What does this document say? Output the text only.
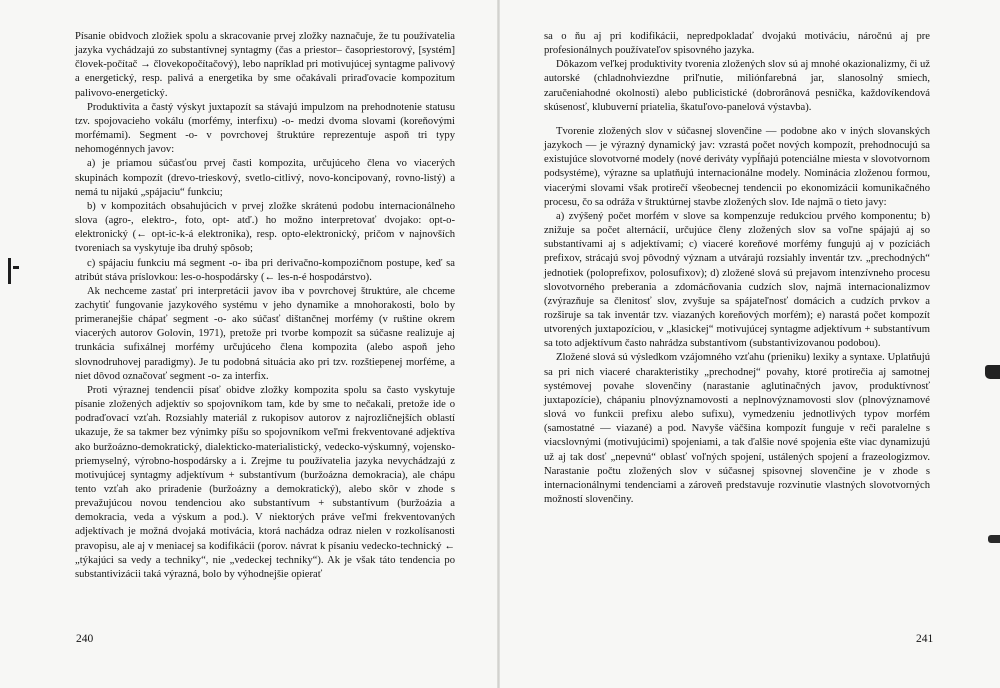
Písanie obidvoch zložiek spolu a skracovanie prvej zložky naznačuje, že tu používatelia jazyka vychádzajú zo substantívnej syntagmy (čas a priestor– časopriestorový, [systém] človek-počítač → človekopočítačový), lebo napríklad pri motivujúcej syntagme palivový a energetický, resp. palivá a energetika by sme očakávali priraďovacie kompozitum palivovo-energetický.

Produktivita a častý výskyt juxtapozít sa stávajú impulzom na prehodnotenie statusu tzv. spojovacieho vokálu (morfémy, interfixu) -o- medzi dvoma slovami (koreňovými morfémami). Segment -o- v povrchovej štruktúre reprezentuje aspoň tri typy nehomogénnych javov:

a) je priamou súčasťou prvej časti kompozita, určujúceho člena vo viacerých skupinách kompozít (drevo-trieskový, svetlo-citlivý, novo-koncipovaný, rovno-listý) a nemá tu nijakú „spájaciu“ funkciu;

b) v kompozitách obsahujúcich v prvej zložke skrátenú podobu internacionálneho slova (agro-, elektro-, foto, opt- atď.) ho možno interpretovať dvojako: opt-o-elektronický (← opt-ic-k-á elektronika), resp. opto-elektronický, pričom v najnovších tvoreniach sa vyskytuje iba druhý spôsob;

c) spájaciu funkciu má segment -o- iba pri derivačno-kompozičnom postupe, keď sa atribút stáva príslovkou: les-o-hospodársky (← les-n-é hospodárstvo).

Ak nechceme zastať pri interpretácii javov iba v povrchovej štruktúre, ale chceme zachytiť fungovanie jazykového systému v jeho dynamike a mnohorakosti, bolo by primeranejšie chápať segment -o- ako súčasť dištančnej morfémy (v ruštine okrem viacerých autorov Golovin, 1971), pretože pri tvorbe kompozít sa súčasne realizuje aj trunkácia sufixálnej morfémy určujúceho člena kompozita (alebo aspoň jeho slovnodruhovej paradigmy). Je tu podobná situácia ako pri tzv. rozštiepenej morféme, a niet dôvod označovať segment -o- za interfix.

Proti výraznej tendencii písať obidve zložky kompozita spolu sa často vyskytuje písanie zložených adjektív so spojovníkom tam, kde by sme to nečakali, pretože ide o podraďovací vzťah. Rozsiahly materiál z rukopisov autorov z najrozličnejších oblastí ukazuje, že sa takmer bez výnimky píšu so spojovníkom veľmi frekventované adjektíva ako buržoázno-demokratický, dialekticko-materialistický, vedecko-výskumný, vojensko-priemyselný, výrobno-hospodársky a i. Zrejme tu používatelia jazyka nevychádzajú z motivujúcej syntagmy adjektívum + substantívum (buržoázna demokracia), ale chápu tento vzťah ako priradenie (buržoázny a demokratický), alebo skôr v zhode s prevažujúcou novou tendenciou ako substantívum + substantívum (buržoázia a demokracia, veda a výskum a pod.). V niektorých práve veľmi frekventovaných adjektívach je možná dvojaká motivácia, ktorá nachádza odraz nielen v rozkolísanosti pravopisu, ale aj v meniacej sa kodifikácii (porov. návrat k písaniu vedecko-technický ← „týkajúci sa vedy a techniky“, nie „vedeckej techniky“). Ak je však táto tendencia po substantivizácii taká výrazná, bolo by výhodnejšie opierať

240

sa o ňu aj pri kodifikácii, nepredpokladať dvojakú motiváciu, náročnú aj pre profesionálnych používateľov spisovného jazyka.

Dôkazom veľkej produktivity tvorenia zložených slov sú aj mnohé okazionalizmy, či už autorské (chladnohviezdne priľnutie, miliónfarebná jar, slanosolný smiech, zaručeniahodné okolnosti) alebo publicistické (dobrorânová pesnička, každovíkendová skúsenosť, klubuverní priatelia, škatuľovo-panelová výstavba).

Tvorenie zložených slov v súčasnej slovenčine — podobne ako v iných slovanských jazykoch — je výrazný dynamický jav: vzrastá počet nových kompozít, prehodnocujú sa existujúce slovotvorné modely (nové deriváty vypĺňajú potenciálne miesta v slovotvornom podsystéme), výrazne sa uplatňujú internacionálne modely. Nominácia zloženou formou, viacerými slovami však protirečí všeobecnej tendencii po ekonomizácii komunikačného procesu, čo sa odráža v štruktúrnej stavbe zložených slov. Ide najmä o tieto javy:

a) zvýšený počet morfém v slove sa kompenzuje redukciou prvého komponentu; b) znižuje sa počet alternácií, určujúce členy zložených slov sa voľne spájajú aj so substantívami aj s adjektívami; c) viaceré koreňové morfémy fungujú aj v pozíciách prefixov, strácajú svoj pôvodný význam a utvárajú rozsiahly inventár tzv. „prechodných“ jednotiek (poloprefixov, polosufixov); d) zložené slová sú prejavom intenzívneho procesu slovotvorného preberania a zdomácňovania cudzích slov, najmä internacionalizmov (zvýrazňuje sa členitosť slov, zvyšuje sa spájateľnosť domácich a cudzích prvkov a rozširuje sa tak inventár tzv. viazaných koreňových morfém); e) narastá počet kompozít utvorených juxtapozíciou, v „klasickej“ motivujúcej syntagme adjektívum + substantívum sa toto adjektívum často nahrádza substantívom (substantivizovanou podobou).

Zložené slová sú výsledkom vzájomného vzťahu (prieniku) lexiky a syntaxe. Uplatňujú sa pri nich viaceré charakteristiky „prechodnej“ povahy, ktoré protirečia aj samotnej systémovej povahe slovenčiny (narastanie aglutinačných javov, produktívnosť juxtapozície), chápaniu plnovýznamovosti a neplnovýznamovosti slov (plnovýznamové slová vo funkcii prefixu alebo sufixu), vymedzeniu jednotlivých typov morfém (samostatné — viazané) a pod. Navyše väčšina kompozít funguje v reči paralelne s viacslovnými (motivujúcimi) spojeniami, a tak ďalšie nové spojenia ešte viac dynamizujú už aj tak dosť „nepevnú“ oblasť voľných spojení, ustálených spojení a frazeologizmov. Narastanie počtu zložených slov v súčasnej spisovnej slovenčine je v zhode s internacionálnymi tendenciami a zároveň predstavuje rozvinutie vlastných slovotvorných možností slovenčiny.

241
